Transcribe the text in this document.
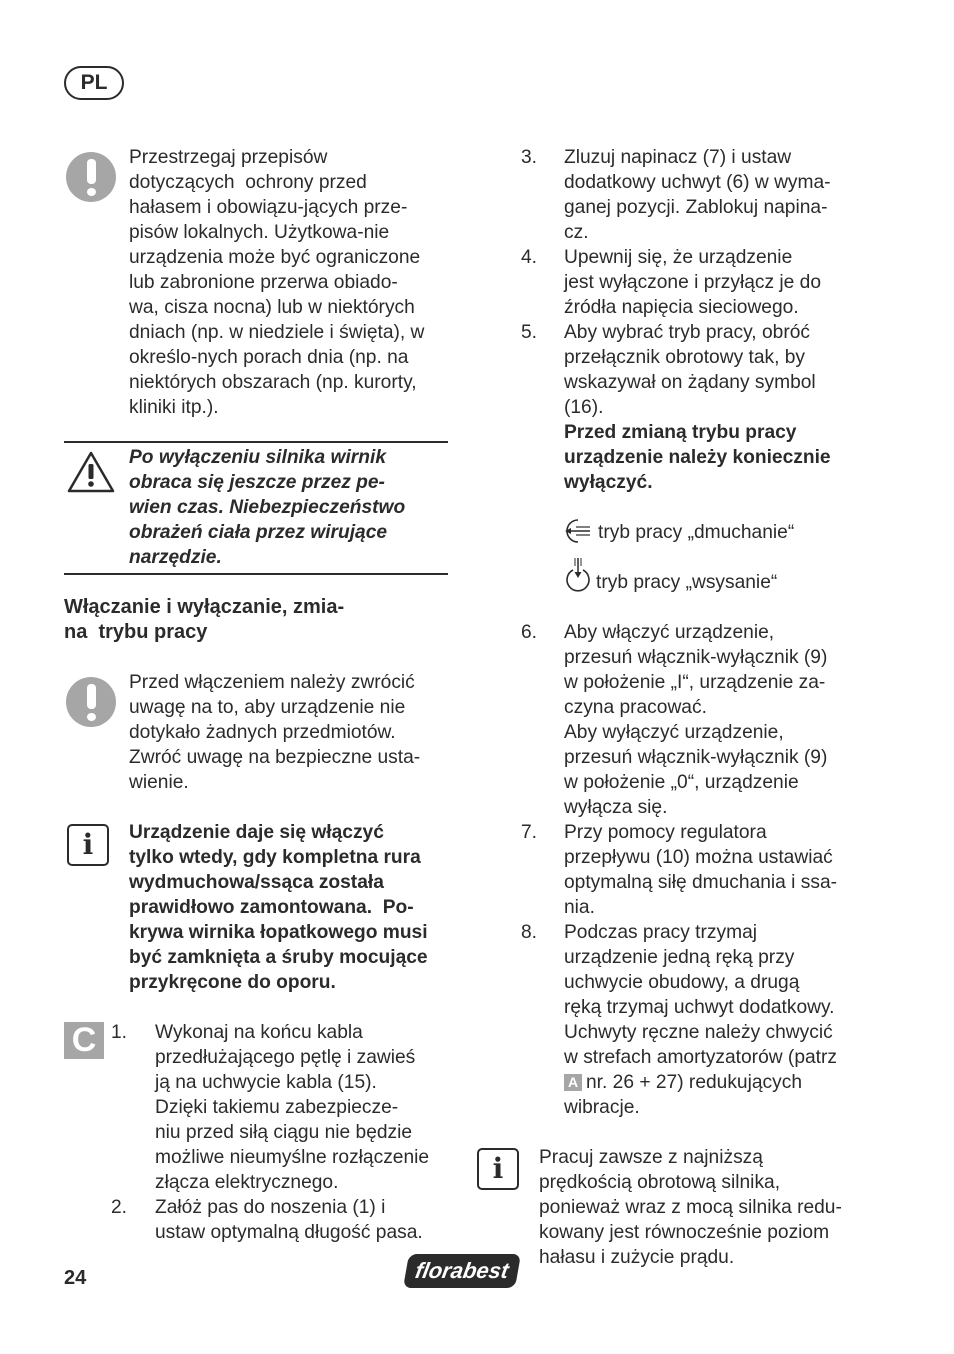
PL
Przestrzegaj przepisów
dotyczących  ochrony przed
hałasem i obowiązu-jących prze-
pisów lokalnych. Użytkowa-nie
urządzenia może być ograniczone
lub zabronione przerwa obiado-
wa, cisza nocna) lub w niektórych
dniach (np. w niedziele i święta), w
określo-nych porach dnia (np. na
niektórych obszarach (np. kurorty,
kliniki itp.).
Po wyłączeniu silnika wirnik
obraca się jeszcze przez pe-
wien czas. Niebezpieczeństwo
obrażeń ciała przez wirujące
narzędzie.
Włączanie i wyłączanie, zmia-
na  trybu pracy
Przed włączeniem należy zwrócić
uwagę na to, aby urządzenie nie
dotykało żadnych przedmiotów.
Zwróć uwagę na bezpieczne usta-
wienie.
i	Urządzenie daje się włączyć
tylko wtedy, gdy kompletna rura
wydmuchowa/ssąca została
prawidłowo zamontowana.  Po-
krywa wirnika łopatkowego musi
być zamknięta a śruby mocujące
przykręcone do oporu.
C 1.	Wykonaj na końcu kabla
przedłużającego pętlę i zawieś
ją na uchwycie kabla (15).
Dzięki takiemu zabezpiecze-
niu przed siłą ciągu nie będzie
możliwe nieumyślne rozłączenie
złącza elektrycznego.
2.	Załóż pas do noszenia (1) i
ustaw optymalną długość pasa.
3.	Zluzuj napinacz (7) i ustaw
dodatkowy uchwyt (6) w wyma-
ganej pozycji. Zablokuj napina-
cz.
4.	Upewnij się, że urządzenie
jest wyłączone i przyłącz je do
źródła napięcia sieciowego.
5.	Aby wybrać tryb pracy, obróć
przełącznik obrotowy tak, by
wskazywał on żądany symbol
(16).
Przed zmianą trybu pracy
urządzenie należy koniecznie
wyłączyć.
tryb pracy „dmuchanie“
tryb pracy „wsysanie“
6.	Aby włączyć urządzenie,
przesuń włącznik-wyłącznik (9)
w położenie „I“, urządzenie za-
czyna pracować.
Aby wyłączyć urządzenie,
przesuń włącznik-wyłącznik (9)
w położenie „0“, urządzenie
wyłącza się.
7.	Przy pomocy regulatora
przepływu (10) można ustawiać
optymalną siłę dmuchania i ssa-
nia.
8.	Podczas pracy trzymaj
urządzenie jedną ręką przy
uchwycie obudowy, a drugą
ręką trzymaj uchwyt dodatkowy.
Uchwyty ręczne należy chwycić
w strefach amortyzatorów (patrz
A nr. 26 + 27) redukujących
wibracje.
i	Pracuj zawsze z najniższą
prędkością obrotową silnika,
ponieważ wraz z mocą silnika redu-
kowany jest równocześnie poziom
hałasu i zużycie prądu.
24	florabest
